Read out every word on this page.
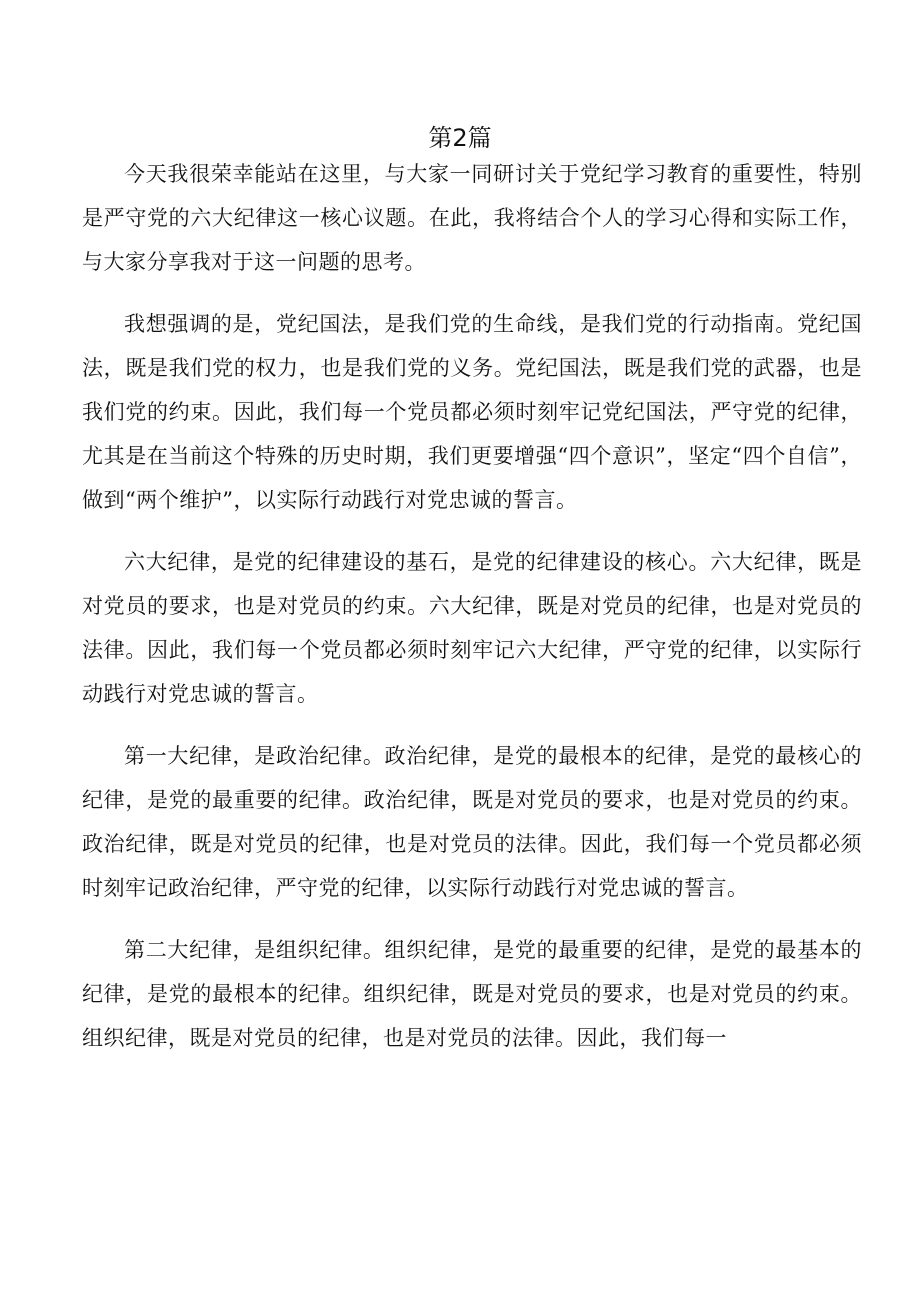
第2篇

今天我很荣幸能站在这里，与大家一同研讨关于党纪学习教育的重要性，特别是严守党的六大纪律这一核心议题。在此，我将结合个人的学习心得和实际工作，与大家分享我对于这一问题的思考。

我想强调的是，党纪国法，是我们党的生命线，是我们党的行动指南。党纪国法，既是我们党的权力，也是我们党的义务。党纪国法，既是我们党的武器，也是我们党的约束。因此，我们每一个党员都必须时刻牢记党纪国法，严守党的纪律，尤其是在当前这个特殊的历史时期，我们更要增强“四个意识”，坚定“四个自信”，做到“两个维护”，以实际行动践行对党忠诚的誓言。

六大纪律，是党的纪律建设的基石，是党的纪律建设的核心。六大纪律，既是对党员的要求，也是对党员的约束。六大纪律，既是对党员的纪律，也是对党员的法律。因此，我们每一个党员都必须时刻牢记六大纪律，严守党的纪律，以实际行动践行对党忠诚的誓言。

第一大纪律，是政治纪律。政治纪律，是党的最根本的纪律，是党的最核心的纪律，是党的最重要的纪律。政治纪律，既是对党员的要求，也是对党员的约束。政治纪律，既是对党员的纪律，也是对党员的法律。因此，我们每一个党员都必须时刻牢记政治纪律，严守党的纪律，以实际行动践行对党忠诚的誓言。

第二大纪律，是组织纪律。组织纪律，是党的最重要的纪律，是党的最基本的纪律，是党的最根本的纪律。组织纪律，既是对党员的要求，也是对党员的约束。组织纪律，既是对党员的纪律，也是对党员的法律。因此，我们每一
